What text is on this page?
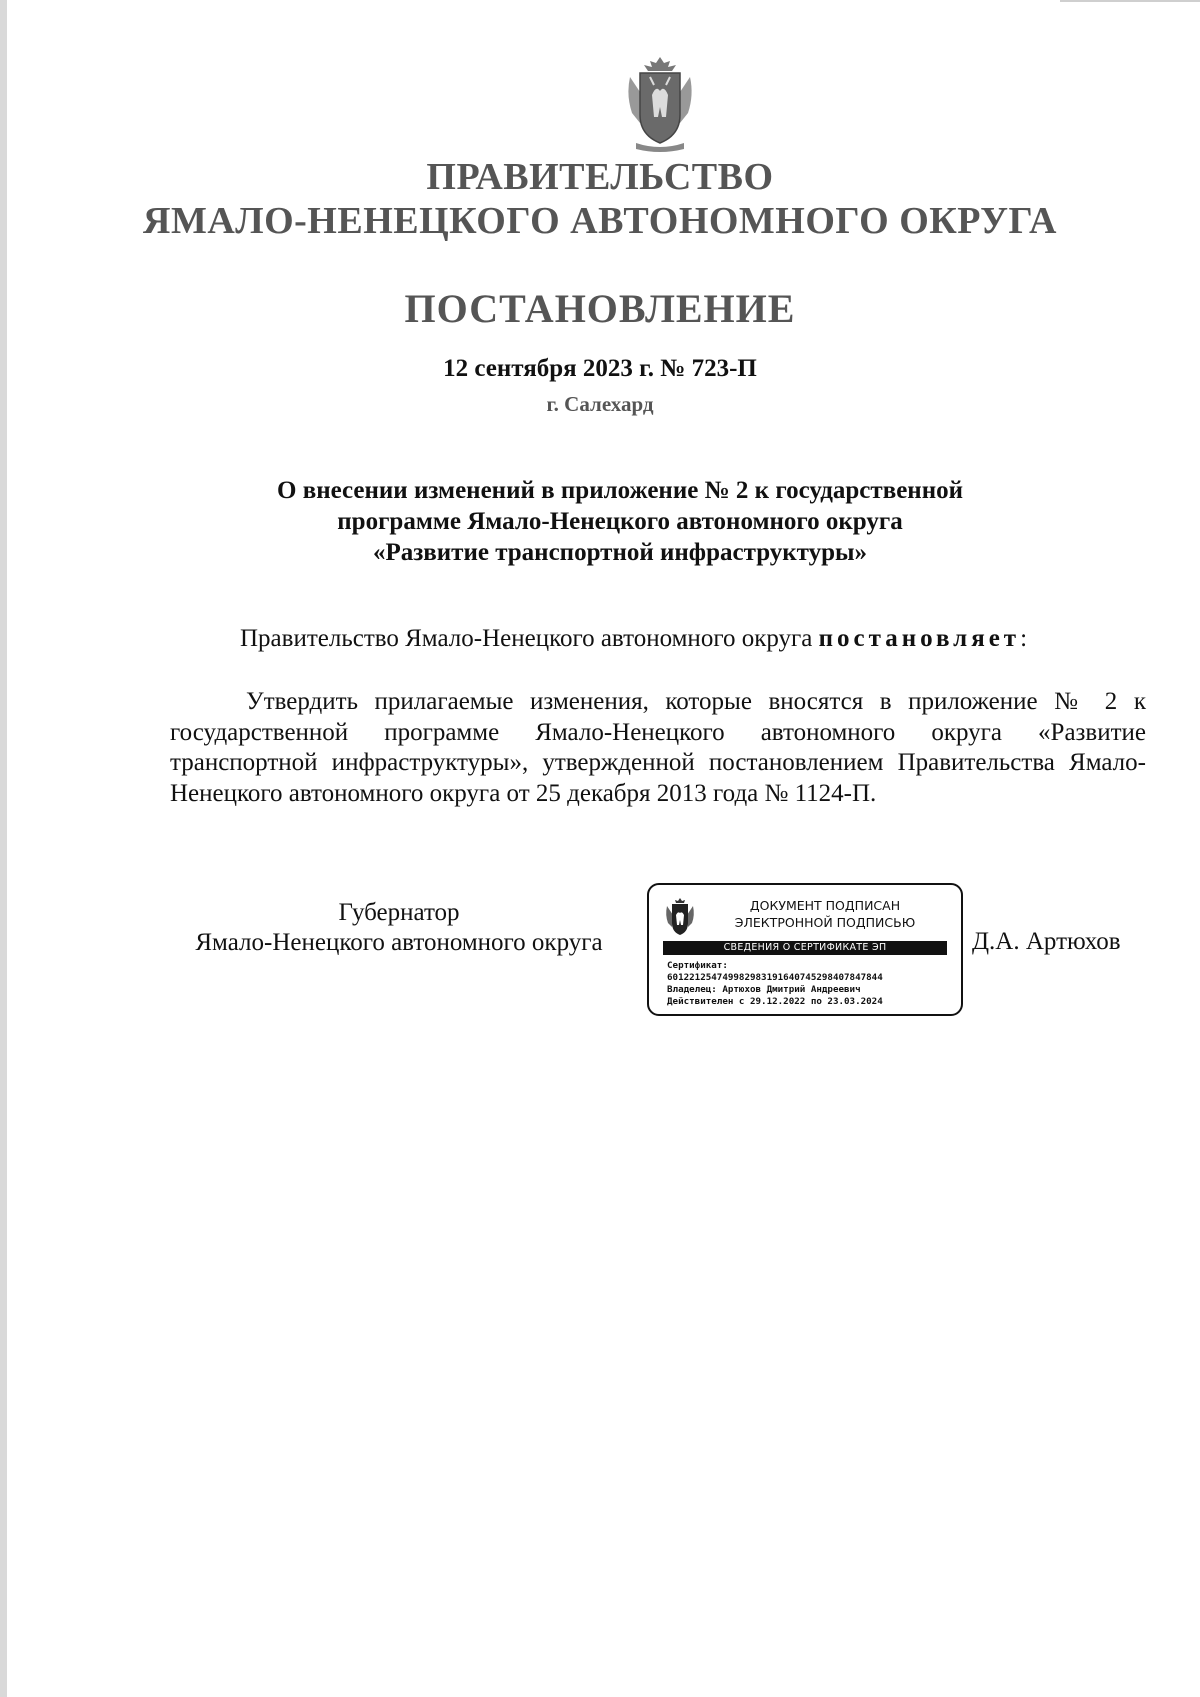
ПРАВИТЕЛЬСТВО
ЯМАЛО-НЕНЕЦКОГО АВТОНОМНОГО ОКРУГА
ПОСТАНОВЛЕНИЕ
12 сентября 2023 г. № 723-П
г. Салехард
О внесении изменений в приложение № 2 к государственной
программе Ямало-Ненецкого автономного округа
«Развитие транспортной инфраструктуры»
Правительство Ямало-Ненецкого автономного округа постановляет:
Утвердить прилагаемые изменения, которые вносятся в приложение № 2 к государственной программе Ямало-Ненецкого автономного округа «Развитие транспортной инфраструктуры», утвержденной постановлением Правительства Ямало-Ненецкого автономного округа от 25 декабря 2013 года № 1124-П.
Губернатор
Ямало-Ненецкого автономного округа
ДОКУМЕНТ ПОДПИСАН
ЭЛЕКТРОННОЙ ПОДПИСЬЮ
СВЕДЕНИЯ О СЕРТИФИКАТЕ ЭП
Сертификат:
601221254749982983191640745298407847844
Владелец: Артюхов Дмитрий Андреевич
Действителен с 29.12.2022 по 23.03.2024
Д.А. Артюхов
